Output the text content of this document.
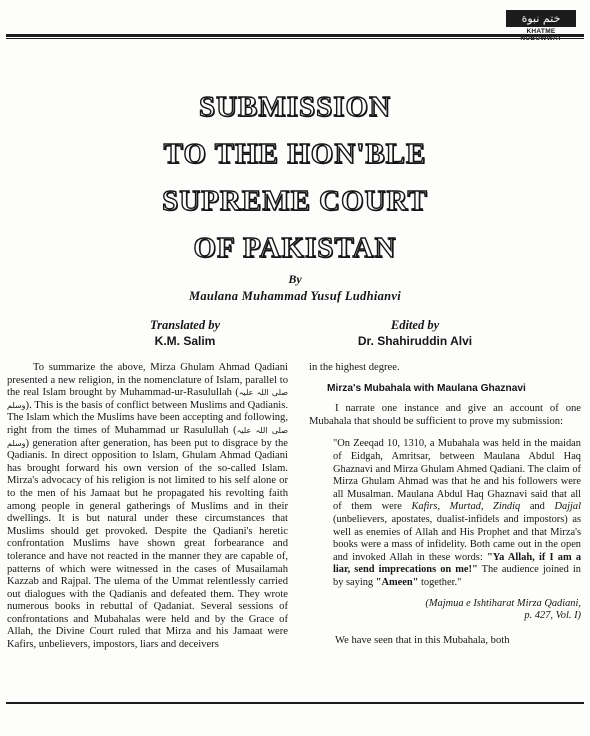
ختم نبوة
KHATME NUBUWWAT
SUBMISSION
TO THE HON'BLE
SUPREME COURT
OF PAKISTAN
By
Maulana Muhammad Yusuf Ludhianvi
Translated by
K.M. Salim
Edited by
Dr. Shahiruddin Alvi

To summarize the above, Mirza Ghulam Ahmad Qadiani presented a new religion, in the nomenclature of Islam, parallel to the real Islam brought by Muhammad-ur-Rasulullah (صلی اللہ علیہ وسلم). This is the basis of conflict between Muslims and Qadianis. The Islam which the Muslims have been accepting and following, right from the times of Muhammad ur Rasulullah (صلی اللہ علیہ وسلم) generation after generation, has been put to disgrace by the Qadianis. In direct opposition to Islam, Ghulam Ahmad Qadiani has brought forward his own version of the so-called Islam. Mirza's advocacy of his religion is not limited to his self alone or to the men of his Jamaat but he propagated his revolting faith among people in general gatherings of Muslims and in their dwellings. It is but natural under these circumstances that Muslims should get provoked. Despite the Qadiani's heretic confrontation Muslims have shown great forbearance and tolerance and have not reacted in the manner they are capable of, patterns of which were witnessed in the cases of Musailamah Kazzab and Rajpal. The ulema of the Ummat relentlessly carried out dialogues with the Qadianis and defeated them. They wrote numerous books in rebuttal of Qadaniat. Several sessions of confrontations and Mubahalas were held and by the Grace of Allah, the Divine Court ruled that Mirza and his Jamaat were Kafirs, unbelievers, impostors, liars and deceivers

in the highest degree.

Mirza's Mubahala with Maulana Ghaznavi

I narrate one instance and give an account of one Mubahala that should be sufficient to prove my submission:

"On Zeeqad 10, 1310, a Mubahala was held in the maidan of Eidgah, Amritsar, between Maulana Abdul Haq Ghaznavi and Mirza Ghulam Ahmed Qadiani. The claim of Mirza Ghulam Ahmad was that he and his followers were all Musalman. Maulana Abdul Haq Ghaznavi said that all of them were Kafirs, Murtad, Zindiq and Dajjal (unbelievers, apostates, dualist-infidels and impostors) as well as enemies of Allah and His Prophet and that Mirza's books were a mass of infidelity. Both came out in the open and invoked Allah in these words: "Ya Allah, if I am a liar, send imprecations on me!" The audience joined in by saying "Ameen" together."

(Majmua e Ishtiharat Mirza Qadiani,
p. 427, Vol. I)

We have seen that in this Mubahala, both
